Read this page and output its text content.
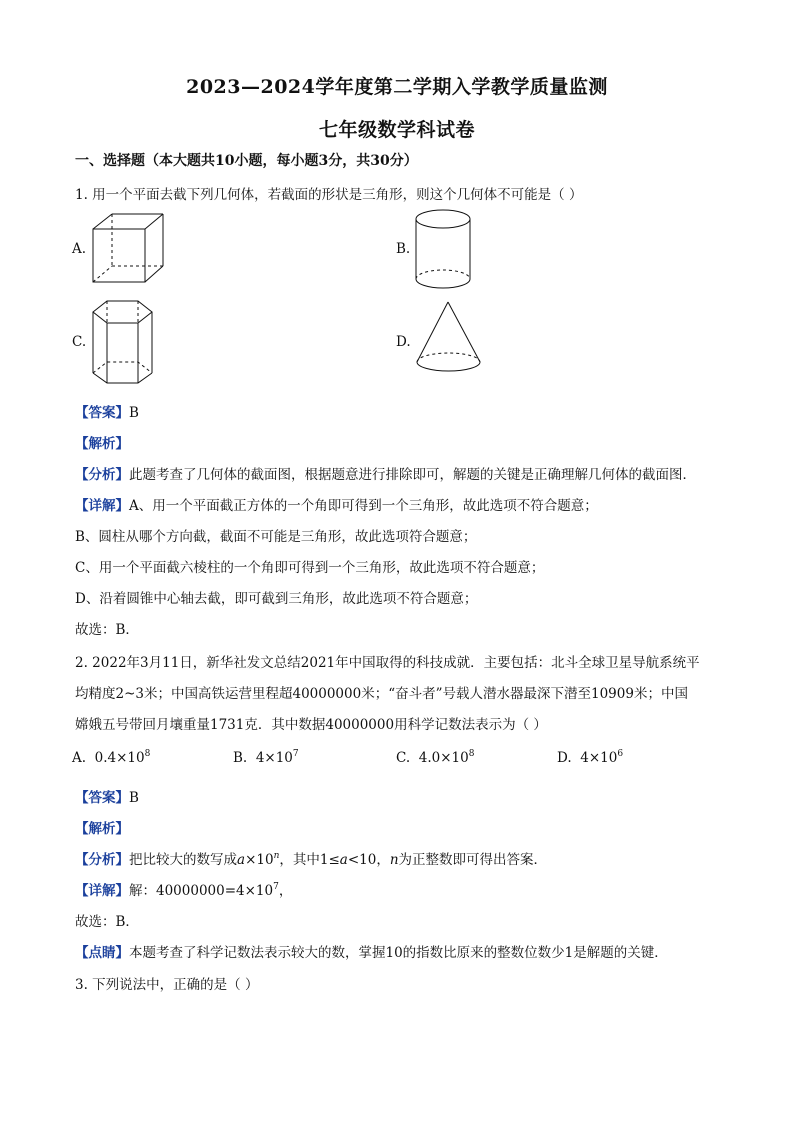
2023—2024学年度第二学期入学教学质量监测
七年级数学科试卷
一、选择题（本大题共10小题，每小题3分，共30分）
1. 用一个平面去截下列几何体，若截面的形状是三角形，则这个几何体不可能是（ ）
A.	B.
C.	D.
【答案】B
【解析】
【分析】此题考查了几何体的截面图，根据题意进行排除即可，解题的关键是正确理解几何体的截面图．
【详解】A、用一个平面截正方体的一个角即可得到一个三角形，故此选项不符合题意；
B、圆柱从哪个方向截，截面不可能是三角形，故此选项符合题意；
C、用一个平面截六棱柱的一个角即可得到一个三角形，故此选项不符合题意；
D、沿着圆锥中心轴去截，即可截到三角形，故此选项不符合题意；
故选：B．
2. 2022年3月11日，新华社发文总结2021年中国取得的科技成就．主要包括：北斗全球卫星导航系统平
均精度2~3米；中国高铁运营里程超40000000米；“奋斗者”号载人潜水器最深下潜至10909米；中国
嫦娥五号带回月壤重量1731克．其中数据40000000用科学记数法表示为（ ）
A. $0.4\times 10^8$	B. $4\times 10^7$	C. $4.0\times 10^8$	D. $4\times 10^6$
【答案】B
【解析】
【分析】把比较大的数写成$a\times 10^n$，其中1≤a<10，n为正整数即可得出答案．
【详解】解：$40000000=4\times 10^7$，
故选：B．
【点睛】本题考查了科学记数法表示较大的数，掌握10的指数比原来的整数位数少1是解题的关键．
3. 下列说法中，正确的是（ ）
